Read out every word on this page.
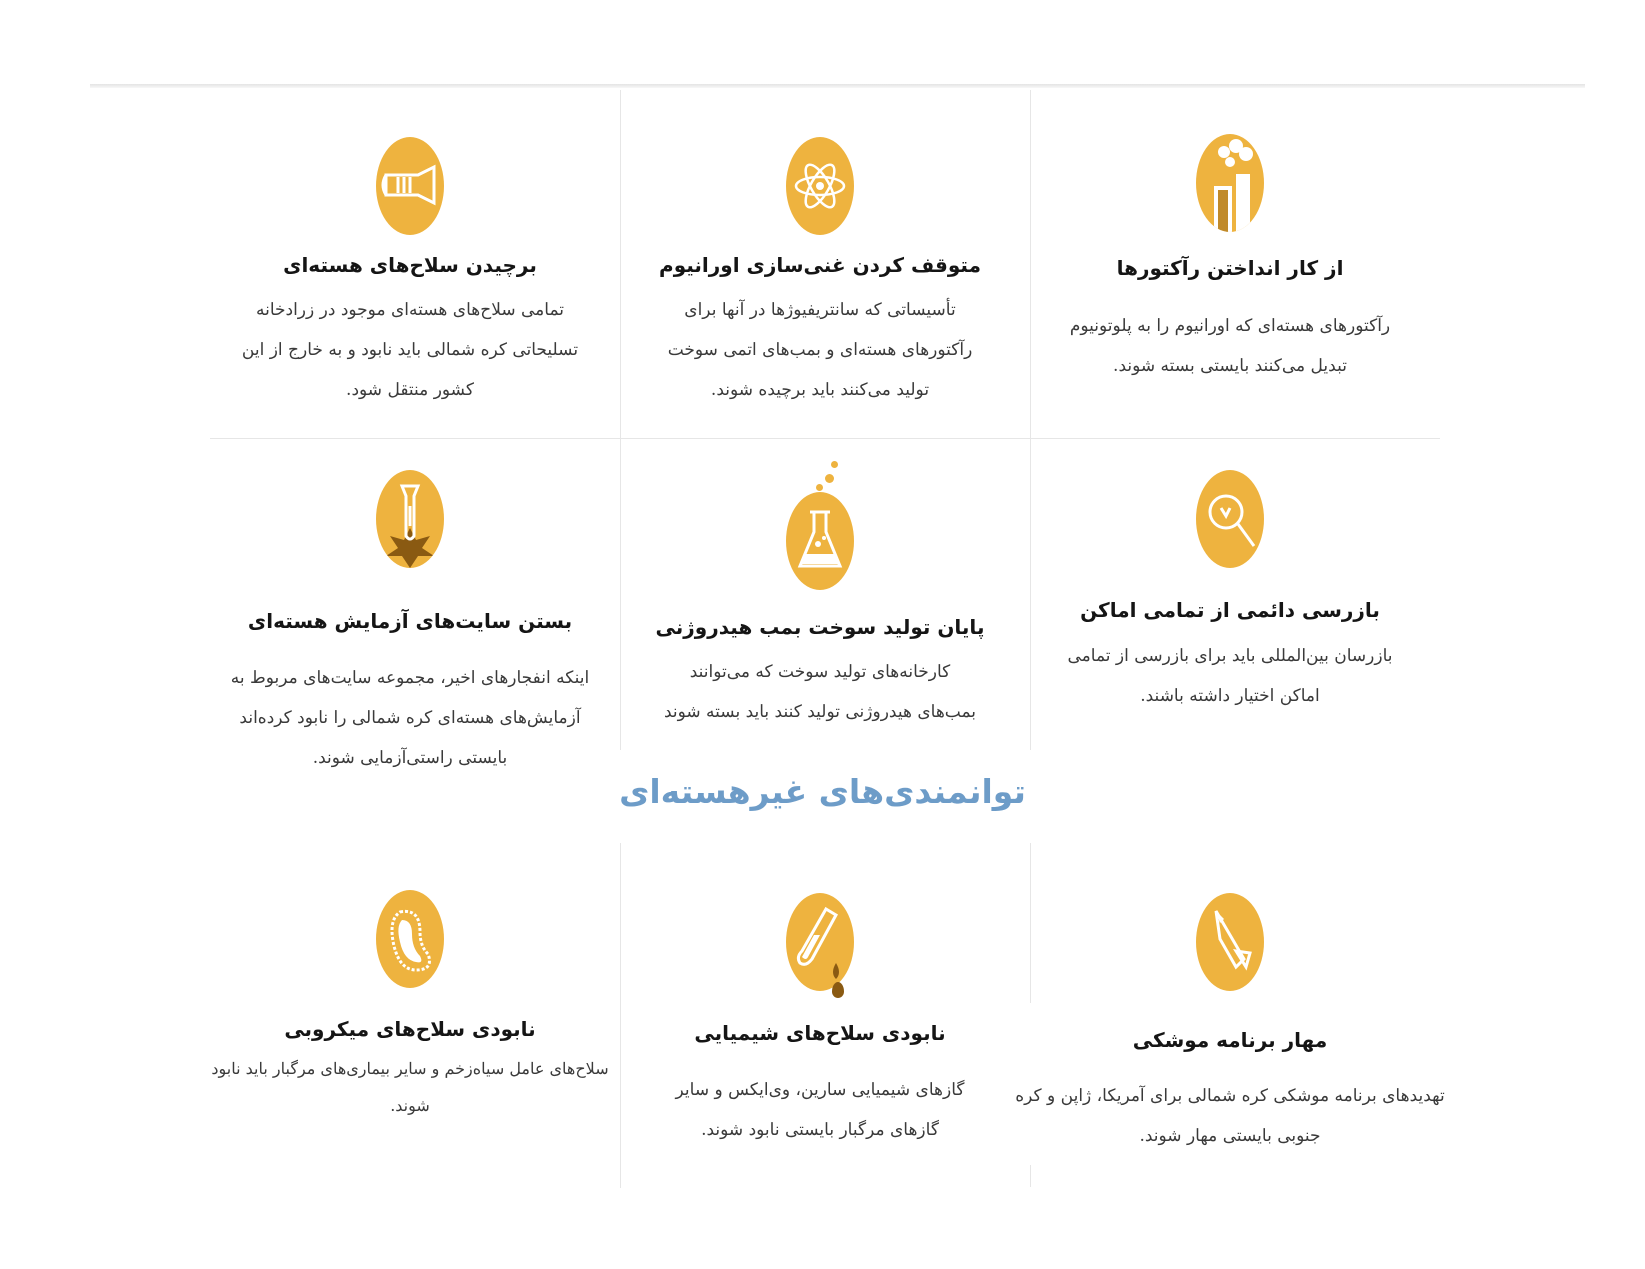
برچیدن سلاح‌های هسته‌ای

تمامی سلاح‌های هسته‌ای موجود در زرادخانه تسلیحاتی کره شمالی باید نابود و به خارج از این کشور منتقل شود.

متوقف کردن غنی‌سازی اورانیوم

تأسیساتی که سانتریفیوژها در آنها برای رآکتورهای هسته‌ای و بمب‌های اتمی سوخت تولید می‌کنند باید برچیده شوند.

از کار انداختن رآکتورها

رآکتورهای هسته‌ای که اورانیوم را به پلوتونیوم تبدیل می‌کنند بایستی بسته شوند.

بستن سایت‌های آزمایش هسته‌ای

اینکه انفجارهای اخیر، مجموعه سایت‌های مربوط به آزمایش‌های هسته‌ای کره شمالی را نابود کرده‌اند بایستی راستی‌آزمایی شوند.

پایان تولید سوخت بمب هیدروژنی

کارخانه‌های تولید سوخت که می‌توانند بمب‌های هیدروژنی تولید کنند باید بسته شوند

بازرسی دائمی از تمامی اماکن

بازرسان بین‌المللی باید برای بازرسی از تمامی اماکن اختیار داشته باشند.

توانمندی‌های غیرهسته‌ای
نابودی سلاح‌های میکروبی

سلاح‌های عامل سیاه‌زخم و سایر بیماری‌های مرگبار باید نابود شوند.

نابودی سلاح‌های شیمیایی

گازهای شیمیایی سارین، وی‌ایکس و سایر گازهای مرگبار بایستی نابود شوند.

مهار برنامه موشکی

تهدیدهای برنامه موشکی کره شمالی برای آمریکا، ژاپن و کره جنوبی بایستی مهار شوند.
